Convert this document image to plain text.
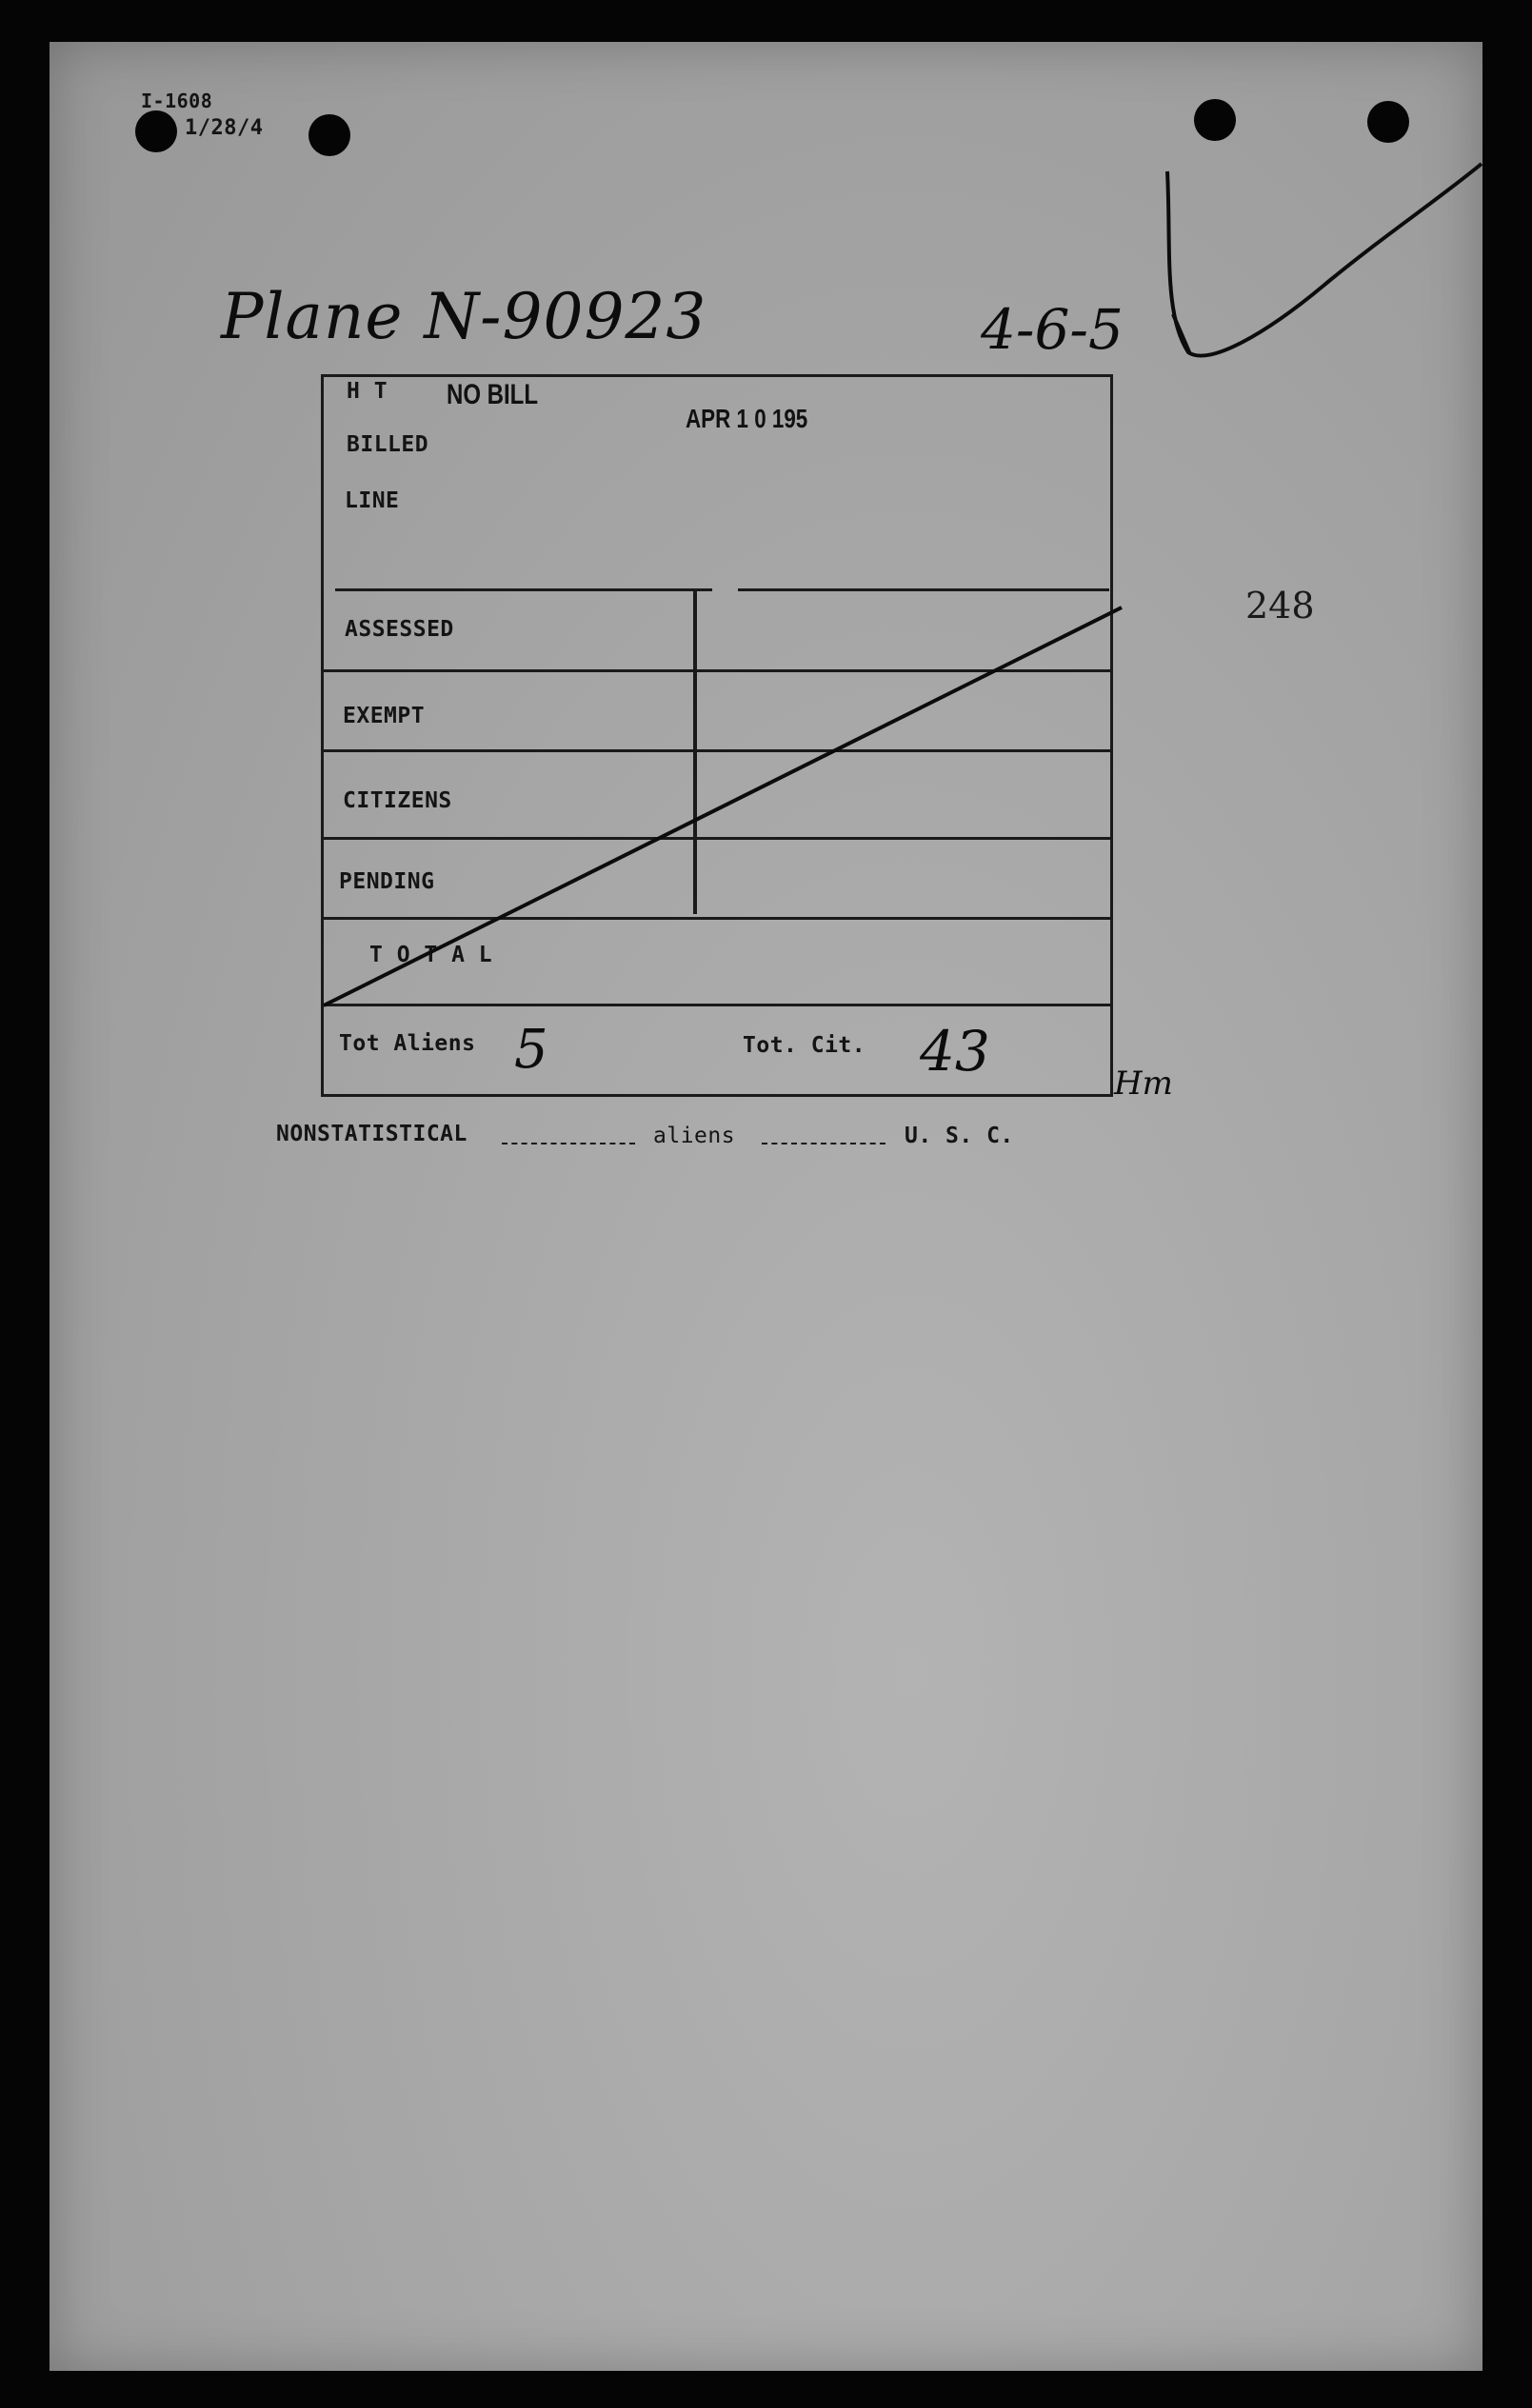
I-1608
1/28/4
Plane N-90923	4-6-5
248
NO BILL
APR 1 0 195
H T
BILLED
LINE
ASSESSED
EXEMPT
CITIZENS
PENDING
T O T A L
Tot Aliens 5	Tot. Cit. 43	Hm
NONSTATISTICAL	aliens	U. S. C.
